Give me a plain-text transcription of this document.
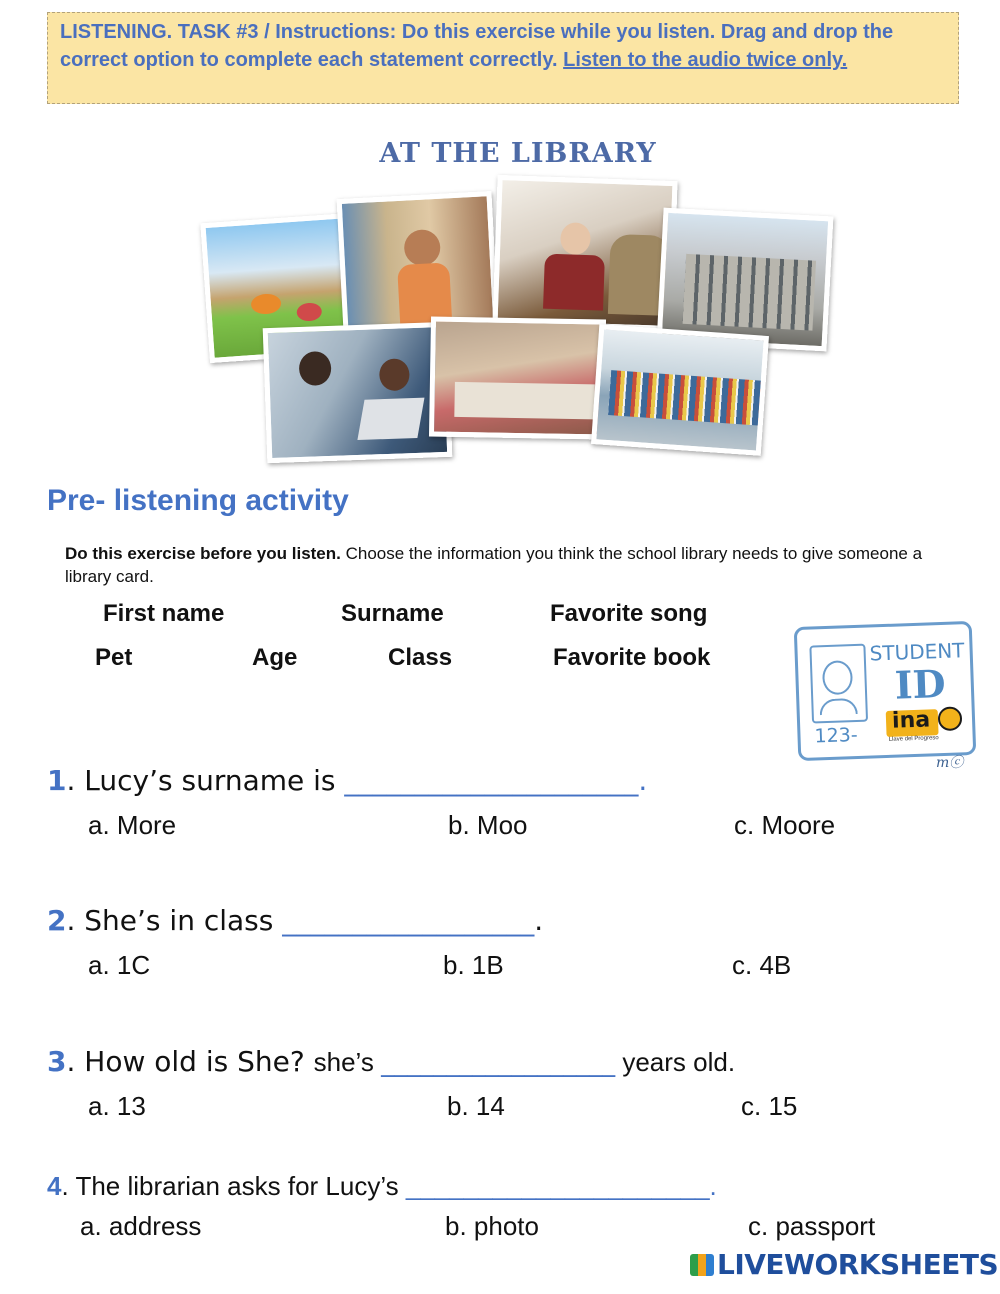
LISTENING. TASK #3 / Instructions: Do this exercise while you listen. Drag and drop the correct option to complete each statement correctly. Listen to the audio twice only.
AT THE LIBRARY
Pre- listening activity
Do this exercise before you listen. Choose the information you think the school library needs to give someone a library card.
First name	Surname	Favorite song
Pet	Age	Class	Favorite book	STUDENT
ID
123-
ina
Llave del Progreso
mⓒ
1. Lucy’s surname is _____________________.
a. More	b. Moo	c. Moore
2. She’s in class __________________.
a. 1C	b. 1B	c. 4B
3. How old is She? she’s __________________ years old.
a. 13	b. 14	c. 15
4. The librarian asks for Lucy’s _____________________.
a. address	b. photo	c. passport
LIVEWORKSHEETS
